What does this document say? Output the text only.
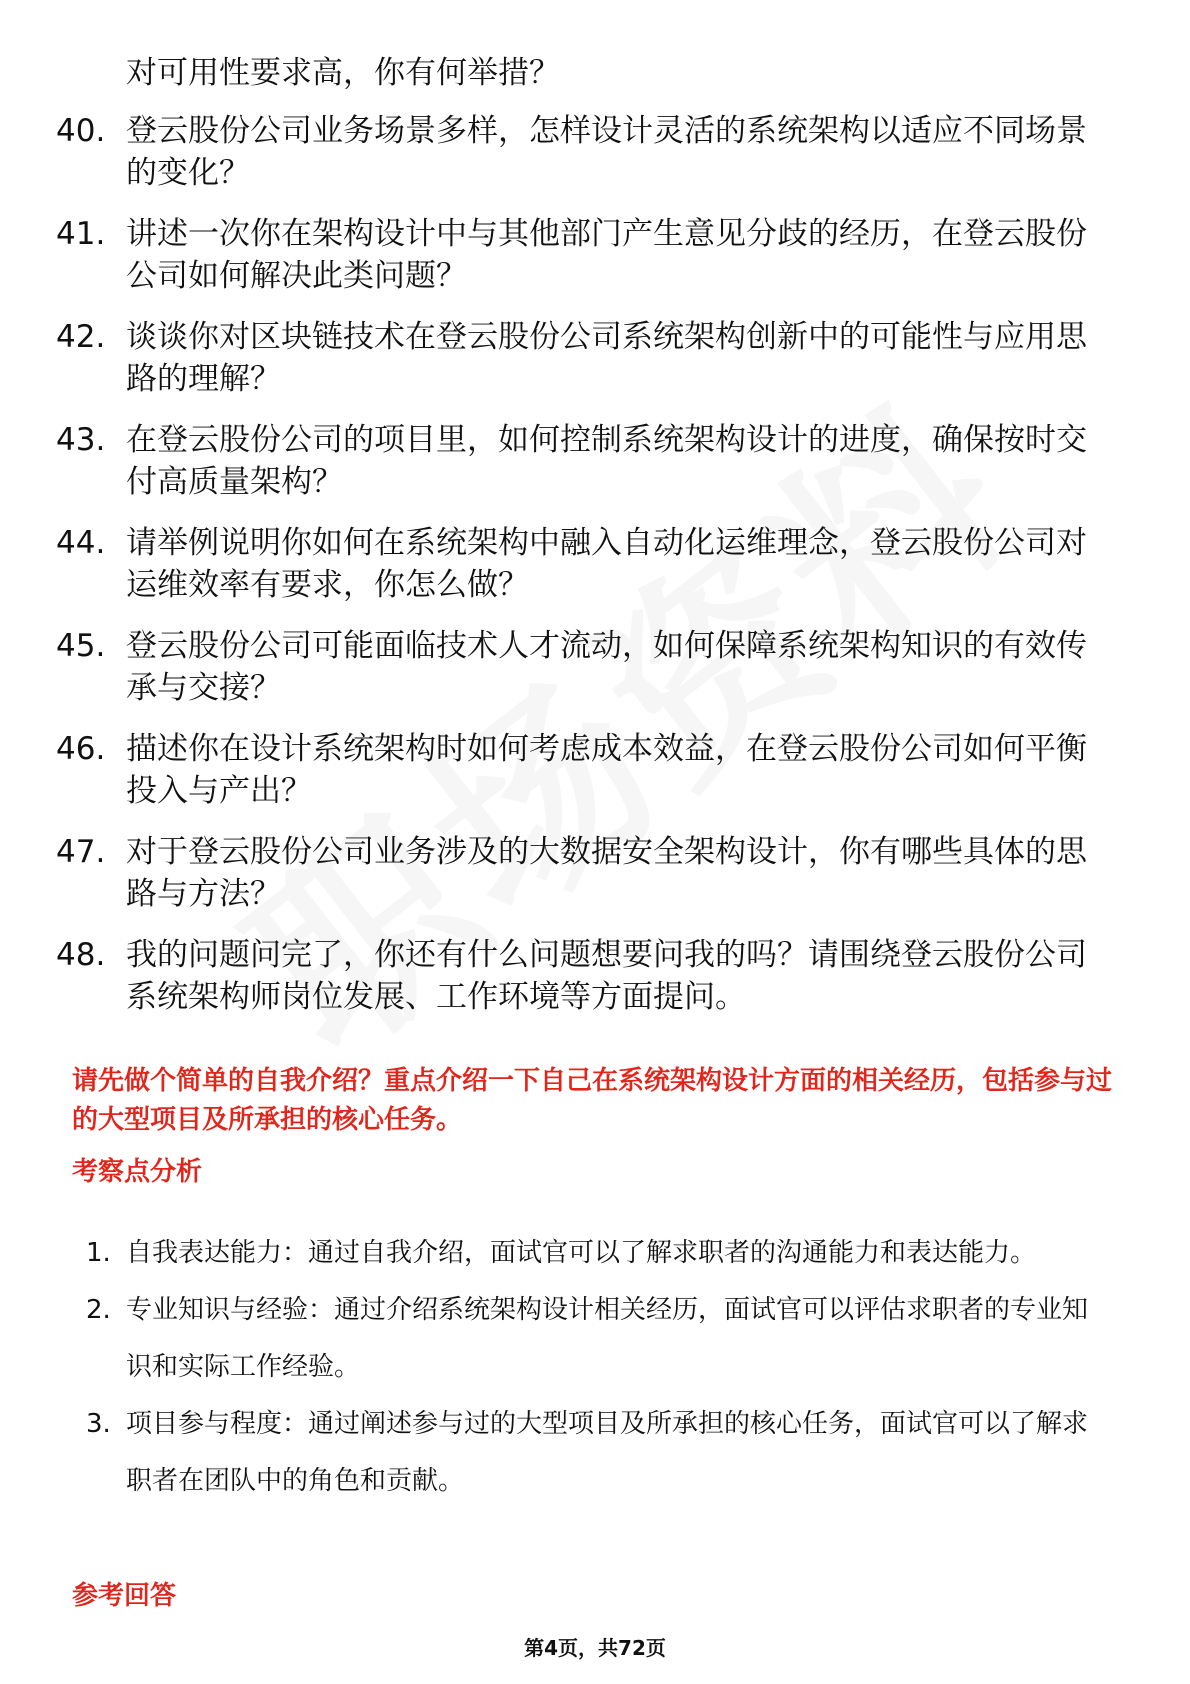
对可用性要求高，你有何举措？

40. 登云股份公司业务场景多样，怎样设计灵活的系统架构以适应不同场景的变化？
41. 讲述一次你在架构设计中与其他部门产生意见分歧的经历，在登云股份公司如何解决此类问题？
42. 谈谈你对区块链技术在登云股份公司系统架构创新中的可能性与应用思路的理解？
43. 在登云股份公司的项目里，如何控制系统架构设计的进度，确保按时交付高质量架构？
44. 请举例说明你如何在系统架构中融入自动化运维理念，登云股份公司对运维效率有要求，你怎么做？
45. 登云股份公司可能面临技术人才流动，如何保障系统架构知识的有效传承与交接？
46. 描述你在设计系统架构时如何考虑成本效益，在登云股份公司如何平衡投入与产出？
47. 对于登云股份公司业务涉及的大数据安全架构设计，你有哪些具体的思路与方法？
48. 我的问题问完了，你还有什么问题想要问我的吗？请围绕登云股份公司系统架构师岗位发展、工作环境等方面提问。

请先做个简单的自我介绍？重点介绍一下自己在系统架构设计方面的相关经历，包括参与过的大型项目及所承担的核心任务。

考察点分析
1. 自我表达能力：通过自我介绍，面试官可以了解求职者的沟通能力和表达能力。
2. 专业知识与经验：通过介绍系统架构设计相关经历，面试官可以评估求职者的专业知识和实际工作经验。
3. 项目参与程度：通过阐述参与过的大型项目及所承担的核心任务，面试官可以了解求职者在团队中的角色和贡献。
参考回答
第4页，共72页
